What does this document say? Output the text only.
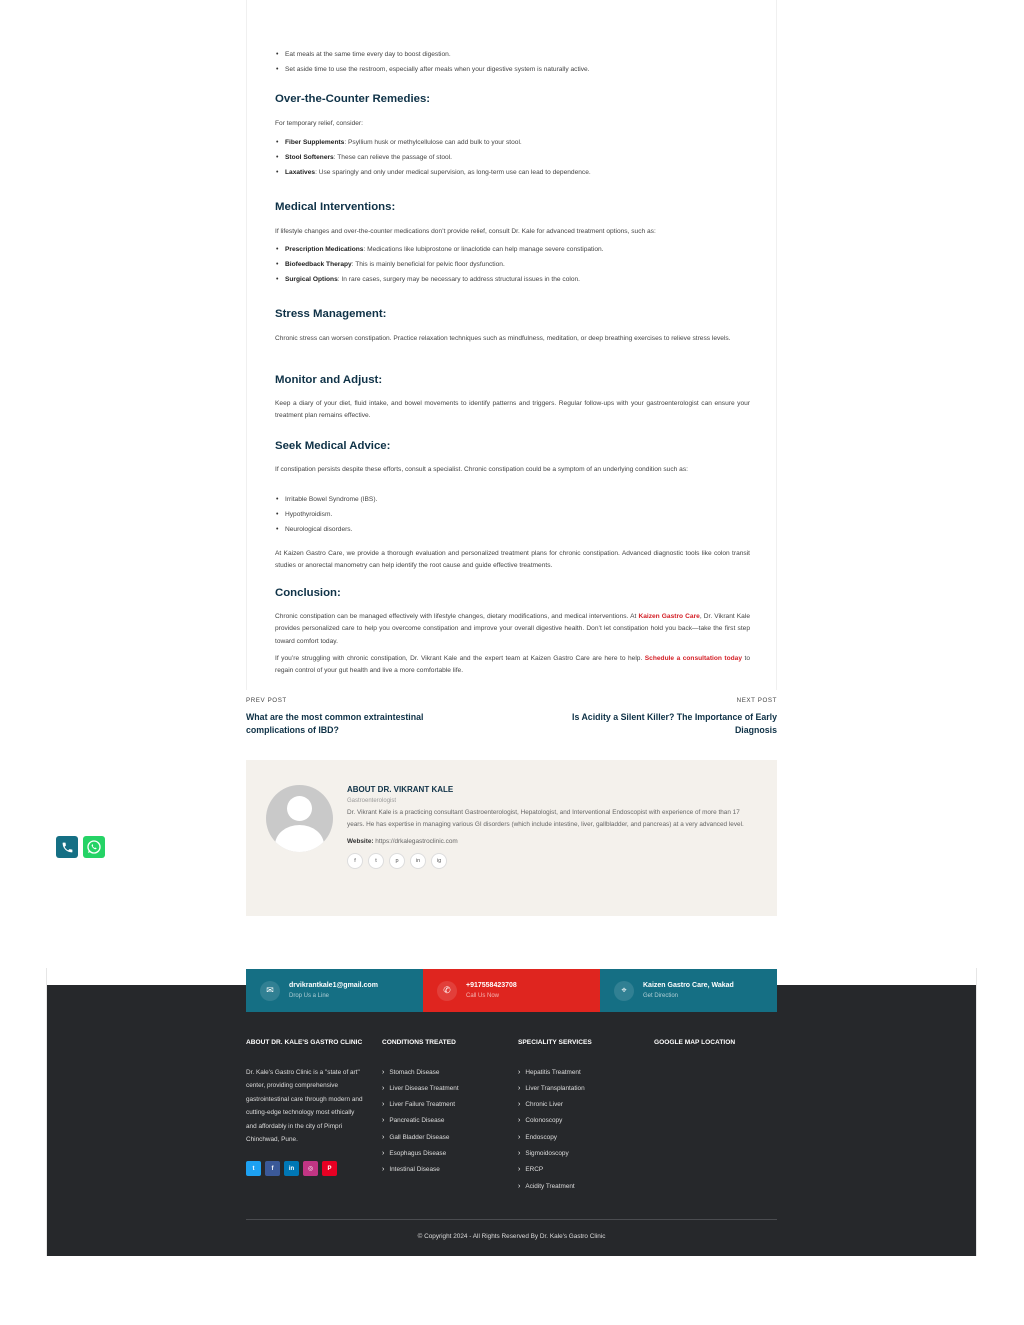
• Eat meals at the same time every day to boost digestion.
• Set aside time to use the restroom, especially after meals when your digestive system is naturally active.
Over-the-Counter Remedies:

For temporary relief, consider:

• Fiber Supplements: Psyllium husk or methylcellulose can add bulk to your stool.
• Stool Softeners: These can relieve the passage of stool.
• Laxatives: Use sparingly and only under medical supervision, as long-term use can lead to dependence.
Medical Interventions:

If lifestyle changes and over-the-counter medications don’t provide relief, consult Dr. Kale for advanced treatment options, such as:

• Prescription Medications: Medications like lubiprostone or linaclotide can help manage severe constipation.
• Biofeedback Therapy: This is mainly beneficial for pelvic floor dysfunction.
• Surgical Options: In rare cases, surgery may be necessary to address structural issues in the colon.
Stress Management:

Chronic stress can worsen constipation. Practice relaxation techniques such as mindfulness, meditation, or deep breathing exercises to relieve stress levels.

Monitor and Adjust:

Keep a diary of your diet, fluid intake, and bowel movements to identify patterns and triggers. Regular follow-ups with your gastroenterologist can ensure your treatment plan remains effective.

Seek Medical Advice:

If constipation persists despite these efforts, consult a specialist. Chronic constipation could be a symptom of an underlying condition such as:

• Irritable Bowel Syndrome (IBS).
• Hypothyroidism.
• Neurological disorders.

At Kaizen Gastro Care, we provide a thorough evaluation and personalized treatment plans for chronic constipation. Advanced diagnostic tools like colon transit studies or anorectal manometry can help identify the root cause and guide effective treatments.

Conclusion:

Chronic constipation can be managed effectively with lifestyle changes, dietary modifications, and medical interventions. At Kaizen Gastro Care, Dr. Vikrant Kale provides personalized care to help you overcome constipation and improve your overall digestive health. Don’t let constipation hold you back—take the first step toward comfort today.

If you’re struggling with chronic constipation, Dr. Vikrant Kale and the expert team at Kaizen Gastro Care are here to help. Schedule a consultation today to regain control of your gut health and live a more comfortable life.

PREV POST
What are the most common extraintestinal complications of IBD?
NEXT POST
Is Acidity a Silent Killer? The Importance of Early Diagnosis
ABOUT DR. VIKRANT KALE
Gastroenterologist
Dr. Vikrant Kale is a practicing consultant Gastroenterologist, Hepatologist, and Interventional Endoscopist with experience of more than 17 years. He has expertise in managing various GI disorders (which include intestine, liver, gallbladder, and pancreas) at a very advanced level.
Website: https://drkalegastroclinic.com
f	t	p	in	ig
✉	drvikrantkale1@gmail.com
Drop Us a Line
✆	+917558423708
Call Us Now
⌖	Kaizen Gastro Care, Wakad
Get Direction
ABOUT DR. KALE'S GASTRO CLINIC
Dr. Kale's Gastro Clinic is a "state of art" center, providing comprehensive gastrointestinal care through modern and cutting-edge technology most ethically and affordably in the city of Pimpri Chinchwad, Pune.
t	f	in	◎	P
CONDITIONS TREATED
› Stomach Disease
› Liver Disease Treatment
› Liver Failure Treatment
› Pancreatic Disease
› Gall Bladder Disease
› Esophagus Disease
› Intestinal Disease
SPECIALITY SERVICES
› Hepatitis Treatment
› Liver Transplantation
› Chronic Liver
› Colonoscopy
› Endoscopy
› Sigmoidoscopy
› ERCP
› Acidity Treatment
GOOGLE MAP LOCATION
© Copyright 2024 - All Rights Reserved By Dr. Kale's Gastro Clinic
